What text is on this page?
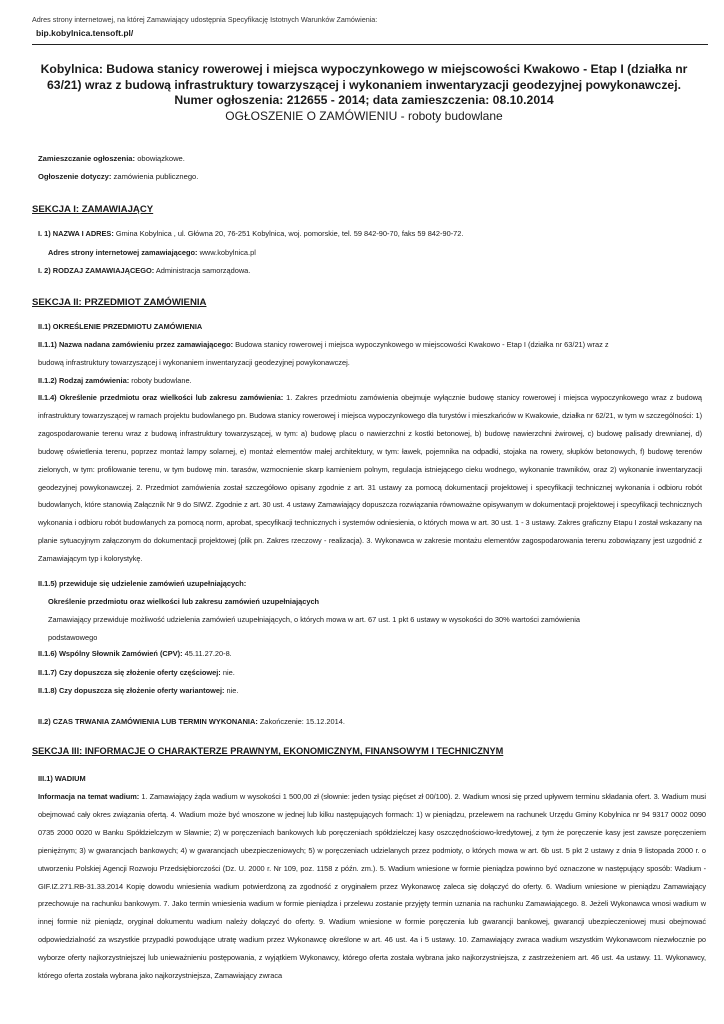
Adres strony internetowej, na której Zamawiający udostępnia Specyfikację Istotnych Warunków Zamówienia:
bip.kobylnica.tensoft.pl/
Kobylnica: Budowa stanicy rowerowej i miejsca wypoczynkowego w miejscowości Kwakowo - Etap I (działka nr
63/21) wraz z budową infrastruktury towarzyszącej i wykonaniem inwentaryzacji geodezyjnej powykonawczej.
Numer ogłoszenia: 212655 - 2014; data zamieszczenia: 08.10.2014
OGŁOSZENIE O ZAMÓWIENIU - roboty budowlane
Zamieszczanie ogłoszenia: obowiązkowe.
Ogłoszenie dotyczy: zamówienia publicznego.
SEKCJA I: ZAMAWIAJĄCY
I. 1) NAZWA I ADRES: Gmina Kobylnica , ul. Główna 20, 76-251 Kobylnica, woj. pomorskie, tel. 59 842-90-70, faks 59 842-90-72.
Adres strony internetowej zamawiającego: www.kobylnica.pl
I. 2) RODZAJ ZAMAWIAJĄCEGO: Administracja samorządowa.
SEKCJA II: PRZEDMIOT ZAMÓWIENIA
II.1) OKREŚLENIE PRZEDMIOTU ZAMÓWIENIA
II.1.1) Nazwa nadana zamówieniu przez zamawiającego: Budowa stanicy rowerowej i miejsca wypoczynkowego w miejscowości Kwakowo - Etap I (działka nr 63/21) wraz z
budową infrastruktury towarzyszącej i wykonaniem inwentaryzacji geodezyjnej powykonawczej.
II.1.2) Rodzaj zamówienia: roboty budowlane.
II.1.4) Określenie przedmiotu oraz wielkości lub zakresu zamówienia: 1. Zakres przedmiotu zamówienia obejmuje wyłącznie budowę stanicy rowerowej i miejsca wypoczynkowego wraz z budową infrastruktury towarzyszącej w ramach projektu budowlanego pn. Budowa stanicy rowerowej i miejsca wypoczynkowego dla turystów i mieszkańców w Kwakowie, działka nr 62/21, w tym w szczególności: 1) zagospodarowanie terenu wraz z budową infrastruktury towarzyszącej, w tym: a) budowę placu o nawierzchni z kostki betonowej, b) budowę nawierzchni żwirowej, c) budowę palisady drewnianej, d) budowę oświetlenia terenu, poprzez montaż lampy solarnej, e) montaż elementów małej architektury, w tym: ławek, pojemnika na odpadki, stojaka na rowery, słupków betonowych, f) budowę terenów zielonych, w tym: profilowanie terenu, w tym budowę min. tarasów, wzmocnienie skarp kamieniem polnym, regulacja istniejącego cieku wodnego, wykonanie trawników, oraz 2) wykonanie inwentaryzacji geodezyjnej powykonawczej. 2. Przedmiot zamówienia został szczegółowo opisany zgodnie z art. 31 ustawy za pomocą dokumentacji projektowej i specyfikacji technicznej wykonania i odbioru robót budowlanych, które stanowią Załącznik Nr 9 do SIWZ. Zgodnie z art. 30 ust. 4 ustawy Zamawiający dopuszcza rozwiązania równoważne opisywanym w dokumentacji projektowej i specyfikacji technicznych wykonania i odbioru robót budowlanych za pomocą norm, aprobat, specyfikacji technicznych i systemów odniesienia, o których mowa w art. 30 ust. 1 - 3 ustawy. Zakres graficzny Etapu I został wskazany na planie sytuacyjnym załączonym do dokumentacji projektowej (plik pn. Zakres rzeczowy - realizacja). 3. Wykonawca w zakresie montażu elementów zagospodarowania terenu zobowiązany jest uzgodnić z Zamawiającym typ i kolorystykę.
II.1.5) przewiduje się udzielenie zamówień uzupełniających:
Określenie przedmiotu oraz wielkości lub zakresu zamówień uzupełniających
Zamawiający przewiduje możliwość udzielenia zamówień uzupełniających, o których mowa w art. 67 ust. 1 pkt 6 ustawy w wysokości do 30% wartości zamówienia
podstawowego
II.1.6) Wspólny Słownik Zamówień (CPV): 45.11.27.20-8.
II.1.7) Czy dopuszcza się złożenie oferty częściowej: nie.
II.1.8) Czy dopuszcza się złożenie oferty wariantowej: nie.
II.2) CZAS TRWANIA ZAMÓWIENIA LUB TERMIN WYKONANIA: Zakończenie: 15.12.2014.
SEKCJA III: INFORMACJE O CHARAKTERZE PRAWNYM, EKONOMICZNYM, FINANSOWYM I TECHNICZNYM
III.1) WADIUM
Informacja na temat wadium: 1. Zamawiający żąda wadium w wysokości 1 500,00 zł (słownie: jeden tysiąc pięćset zł 00/100). 2. Wadium wnosi się przed upływem terminu składania ofert. 3. Wadium musi obejmować cały okres związania ofertą. 4. Wadium może być wnoszone w jednej lub kilku następujących formach: 1) w pieniądzu, przelewem na rachunek Urzędu Gminy Kobylnica nr 94 9317 0002 0090 0735 2000 0020 w Banku Spółdzielczym w Sławnie; 2) w poręczeniach bankowych lub poręczeniach spółdzielczej kasy oszczędnościowo-kredytowej, z tym że poręczenie kasy jest zawsze poręczeniem pieniężnym; 3) w gwarancjach bankowych; 4) w gwarancjach ubezpieczeniowych; 5) w poręczeniach udzielanych przez podmioty, o których mowa w art. 6b ust. 5 pkt 2 ustawy z dnia 9 listopada 2000 r. o utworzeniu Polskiej Agencji Rozwoju Przedsiębiorczości (Dz. U. 2000 r. Nr 109, poz. 1158 z późn. zm.). 5. Wadium wniesione w formie pieniądza powinno być oznaczone w następujący sposób: Wadium - GIF.IZ.271.RB-31.33.2014 Kopię dowodu wniesienia wadium potwierdzoną za zgodność z oryginałem przez Wykonawcę zaleca się dołączyć do oferty. 6. Wadium wniesione w pieniądzu Zamawiający przechowuje na rachunku bankowym. 7. Jako termin wniesienia wadium w formie pieniądza i przelewu zostanie przyjęty termin uznania na rachunku Zamawiającego. 8. Jeżeli Wykonawca wnosi wadium w innej formie niż pieniądz, oryginał dokumentu wadium należy dołączyć do oferty. 9. Wadium wniesione w formie poręczenia lub gwarancji bankowej, gwarancji ubezpieczeniowej musi obejmować odpowiedzialność za wszystkie przypadki powodujące utratę wadium przez Wykonawcę określone w art. 46 ust. 4a i 5 ustawy. 10. Zamawiający zwraca wadium wszystkim Wykonawcom niezwłocznie po wyborze oferty najkorzystniejszej lub unieważnieniu postępowania, z wyjątkiem Wykonawcy, którego oferta została wybrana jako najkorzystniejsza, z zastrzeżeniem art. 46 ust. 4a ustawy. 11. Wykonawcy, którego oferta została wybrana jako najkorzystniejsza, Zamawiający zwraca
